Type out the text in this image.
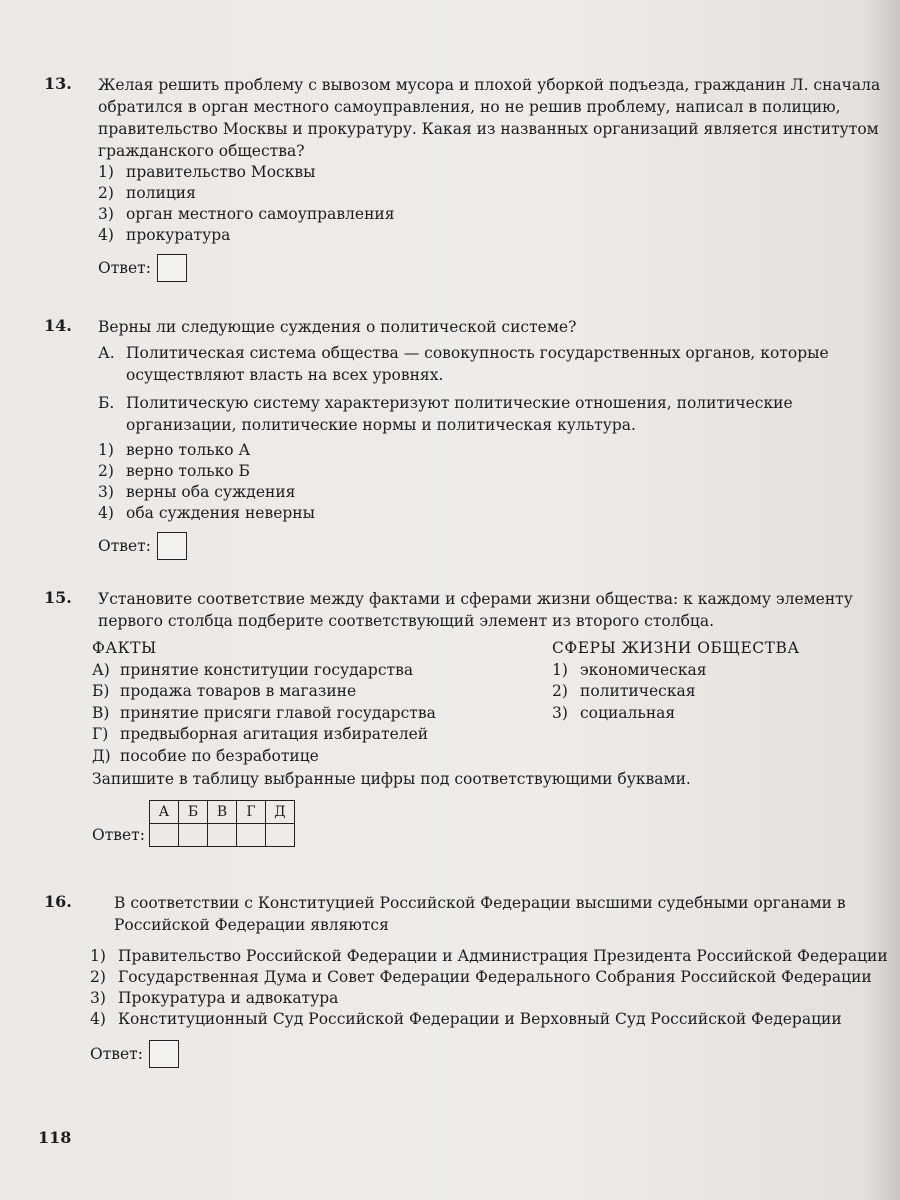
13. Желая решить проблему с вывозом мусора и плохой уборкой подъезда, гражданин Л. сначала обратился в орган местного самоуправления, но не решив проблему, написал в полицию, правительство Москвы и прокуратуру. Какая из названных организаций является институтом гражданского общества?
1) правительство Москвы
2) полиция
3) орган местного самоуправления
4) прокуратура
Ответ:
14. Верны ли следующие суждения о политической системе?
А. Политическая система общества — совокупность государственных органов, которые осуществляют власть на всех уровнях.
Б. Политическую систему характеризуют политические отношения, политические организации, политические нормы и политическая культура.
1) верно только А
2) верно только Б
3) верны оба суждения
4) оба суждения неверны
Ответ:
15. Установите соответствие между фактами и сферами жизни общества: к каждому элементу первого столбца подберите соответствующий элемент из второго столбца.
ФАКТЫ
А) принятие конституции государства
Б) продажа товаров в магазине
В) принятие присяги главой государства
Г) предвыборная агитация избирателей
Д) пособие по безработице
СФЕРЫ ЖИЗНИ ОБЩЕСТВА
1) экономическая
2) политическая
3) социальная
Запишите в таблицу выбранные цифры под соответствующими буквами.
Ответ:
А	Б	В	Г	Д

16.	В соответствии с Конституцией Российской Федерации высшими судебными органами в Российской Федерации являются
1) Правительство Российской Федерации и Администрация Президента Российской Федерации
2) Государственная Дума и Совет Федерации Федерального Собрания Российской Федерации
3) Прокуратура и адвокатура
4) Конституционный Суд Российской Федерации и Верховный Суд Российской Федерации
Ответ:
118
